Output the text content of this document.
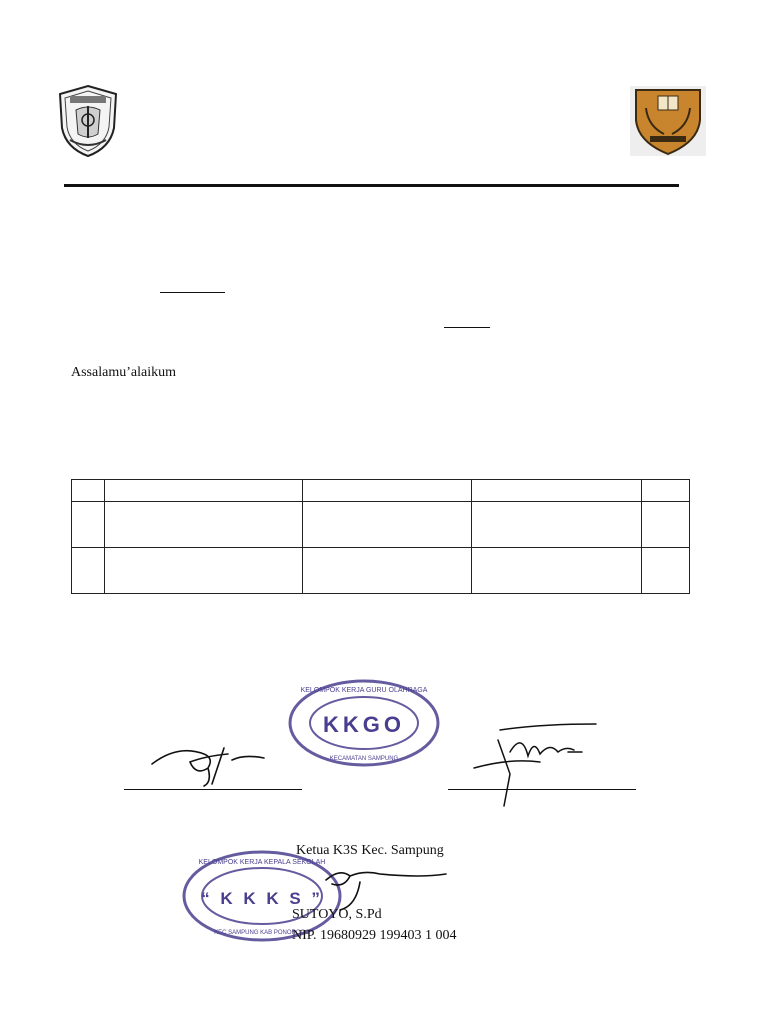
Assalamu’alaikum

KKGO
KELOMPOK KERJA GURU OLAHRAGA
KECAMATAN SAMPUNG
Ketua K3S Kec. Sampung
“ K K K S ”
KELOMPOK KERJA KEPALA SEKOLAH
KEC SAMPUNG KAB PONOROGO
SUTOYO, S.Pd
NIP. 19680929 199403 1 004
